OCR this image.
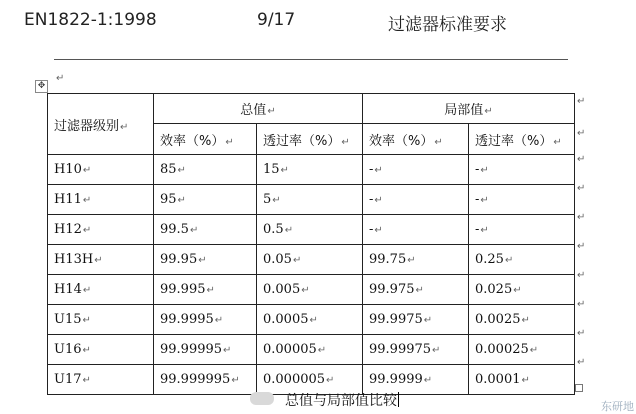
EN1822-1:1998	9/17	过滤器标准要求
✥
↵
过滤器级别↵	总值↵		局部值↵	
	效率（%）↵	透过率（%）↵	效率（%）↵	透过率（%）↵
H10↵	85↵	15↵	-↵	-↵
H11↵	95↵	5↵	-↵	-↵
H12↵	99.5↵	0.5↵	-↵	-↵
H13H↵	99.95↵	0.05↵	99.75↵	0.25↵
H14↵	99.995↵	0.005↵	99.975↵	0.025↵
U15↵	99.9995↵	0.0005↵	99.9975↵	0.0025↵
U16↵	99.99995↵	0.00005↵	99.99975↵	0.00025↵
U17↵	99.999995↵	0.000005↵	99.9999↵	0.0001↵
↵
↵
↵
↵
↵
↵
↵
↵
↵
↵
总值与局部值比较	东研地
